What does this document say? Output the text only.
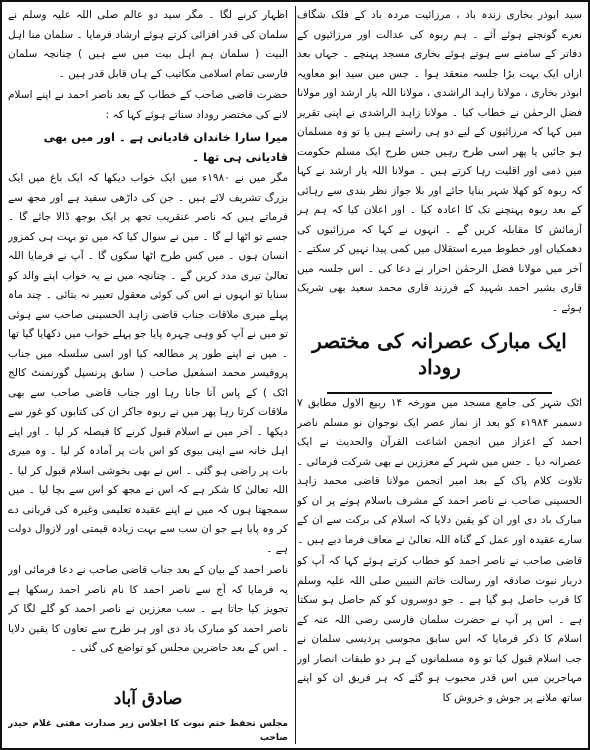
سید ابوذر بخاری زندہ باد ، مرزائیت مردہ باد کے فلک شگاف نعرے گونجتے ہوئے آئے ۔ ہم ربوہ کی عدالت اور مرزائیوں کے دفاتر کے سامنے سے ہوتے ہوئے بخاری مسجد پہنچے ۔ جہاں بعد ازاں ایک بہت بڑا جلسہ منعقد ہوا ۔ جس میں سید ابو معاویہ ابوذر بخاری ، مولانا زاہد الراشدی ، مولانا اللہ یار ارشد اور مولانا فضل الرحمٰن نے خطاب کیا ۔ مولانا زاہد الراشدی نے اپنی تقریر میں کہا کہ مرزائیوں کے لیے دو ہی راستے ہیں یا تو وہ مسلمان ہو جائیں یا پھر اسی طرح رہیں جس طرح ایک مسلم حکومت میں ذمی اور اقلیت رہا کرتے ہیں ۔ مولانا اللہ یار ارشد نے کہا کہ ربوہ کو کھلا شہر بنایا جائے اور بلا جواز نظر بندی سے رہائی کے بعد ربوہ پہنچنے تک کا اعادہ کیا ۔ اور اعلان کیا کہ ہم ہر آزمائش کا مقابلہ کریں گے ۔ انہوں نے کہا کہ مرزائیوں کی دھمکیاں اور خطوط میرے استقلال میں کمی پیدا نہیں کر سکتے ۔ آخر میں مولانا فضل الرحمٰن احرار نے دعا کی ۔ اس جلسہ میں قاری بشیر احمد شہید کے فرزند قاری محمد سعید بھی شریک ہوئے ۔

ایک مبارک عصرانہ کی مختصر روداد

اٹک شہر کی جامع مسجد میں مورخہ ۱۴ ربیع الاول مطابق ۷ دسمبر ۱۹۸۴ء کو بعد از نماز عصر ایک نوجوان نو مسلم ناصر احمد کے اعزاز میں انجمن اشاعت القرآن والحدیث نے ایک عصرانہ دیا ۔ جس میں شہر کے معززین نے بھی شرکت فرمائی ۔ تلاوت کلام پاک کے بعد امیر انجمن مولانا قاضی محمد زاہد الحسینی صاحب نے ناصر احمد کے مشرف باسلام ہونے پر ان کو مبارک باد دی اور ان کو یقین دلایا کہ اسلام کی برکت سے ان کے سارے عقیدہ اور عمل کے گناہ اللہ تعالیٰ نے معاف فرما دیے ہیں ۔

قاضی صاحب نے ناصر احمد کو خطاب کرتے ہوئے کہا کہ آپ کو دربار نبوت صادقہ اور رسالت خاتم النبیین صلی اللہ علیہ وسلم کا قرب حاصل ہو گیا ہے ۔ جو دوسروں کو کم حاصل ہو سکتا ہے ۔ اس پر آپ نے حضرت سلمان فارسی رضی اللہ عنہ کے اسلام کا ذکر فرمایا کہ اس سابق مجوسی پردیسی سلمان نے جب اسلام قبول کیا تو وہ مسلمانوں کے ہر دو طبقات انصار اور مہاجرین میں اس قدر محبوب ہو گئے کہ ہر فریق ان کو اپنے ساتھ ملانے پر جوش و خروش کا

اظہار کرنے لگا ۔ مگر سید دو عالم صلی اللہ علیہ وسلم نے سلمان کی قدر افزائی کرتے ہوئے ارشاد فرمایا ۔ سلمان منا اہل البیت ( سلمان ہم اہل بیت میں سے ہیں ) چنانچہ سلمان فارسی تمام اسلامی مکاتیب کے ہاں قابل قدر ہیں ۔

حضرت قاضی صاحب کے خطاب کے بعد ناصر احمد نے اپنے اسلام لانے کی مختصر روداد سناتے ہوئے کہا کہ :

میرا سارا خاندان قادیانی ہے ۔ اور میں بھی قادیانی ہی تھا ۔

مگر میں نے ۱۹۸۰ء میں ایک خواب دیکھا کہ ایک باغ میں ایک بزرگ تشریف لائے ہیں ۔ جن کی داڑھی سفید ہے اور مجھ سے فرماتے ہیں کہ ناصر عنقریب تجھ پر ایک بوجھ ڈالا جائے گا ۔ جسے تو اٹھا لے گا ۔ میں نے سوال کیا کہ میں تو بہت ہی کمزور انسان ہوں ۔ میں کس طرح اٹھا سکوں گا ۔ آپ نے فرمایا اللہ تعالیٰ تیری مدد کریں گے ۔ چنانچہ میں نے یہ خواب اپنے والد کو سنایا تو انہوں نے اس کی کوئی معقول تعبیر نہ بتائی ۔ چند ماہ پہلے میری ملاقات جناب قاضی زاہد الحسینی صاحب سے ہوئی تو میں نے آپ کو وہی چہرہ پایا جو پہلے خواب میں دکھایا گیا تھا ۔ میں نے اپنے طور پر مطالعہ کیا اور اسی سلسلہ میں جناب پروفیسر محمد اسمٰعیل صاحب ( سابق پرنسپل گورنمنٹ کالج اٹک ) کے پاس آنا جانا رہا اور جناب قاضی صاحب سے بھی ملاقات کرتا رہا پھر میں نے ربوہ جاکر ان کی کتابوں کو غور سے دیکھا ۔ آخر میں نے اسلام قبول کرنے کا فیصلہ کر لیا ۔ اور اپنے اہل خانہ سے اپنی بیوی کو اس بات پر آمادہ کر لیا ۔ وہ میری بات پر راضی ہو گئی ۔ اس نے بھی بخوشی اسلام قبول کر لیا ۔ اللہ تعالیٰ کا شکر ہے کہ اس نے مجھ کو اس سے بچا لیا ۔ میں سمجھتا ہوں کہ میں نے اپنے عقیدہ تعلیمی وغیرہ کی قربانی دے کر وہ پایا ہے جو ان سب سے بہت زیادہ قیمتی اور لازوال دولت ہے ۔

ناصر احمد کے بیان کے بعد جناب قاضی صاحب نے دعا فرمائی اور یہ فرمایا کہ آج سے ناصر احمد کا نام ناصر احمد رسکھا ہے تجویز کیا جاتا ہے ۔ سب معززین نے ناصر احمد کو گلے لگا کر ناصر احمد کو مبارک باد دی اور ہر طرح سے تعاون کا یقین دلایا ۔ اس کے بعد حاضرین مجلس کو تواضع کی گئی ۔

صادق آباد

مجلس تحفظ ختم نبوت کا اجلاس زیر صدارت مفتی غلام حیدر صاحب
